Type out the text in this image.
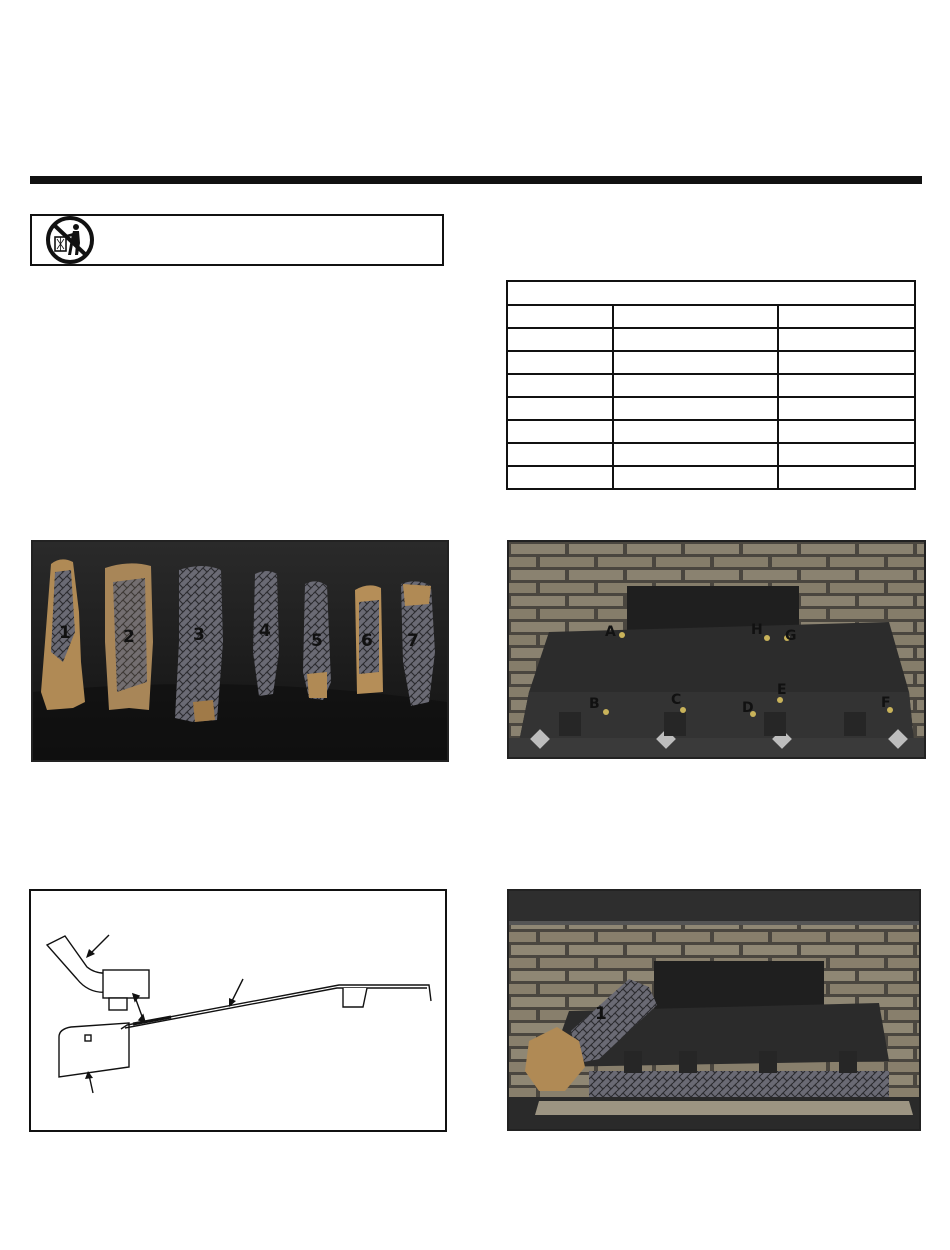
1	2	3	4 5 6 7	A	H G
B	C
E
D	F
1
